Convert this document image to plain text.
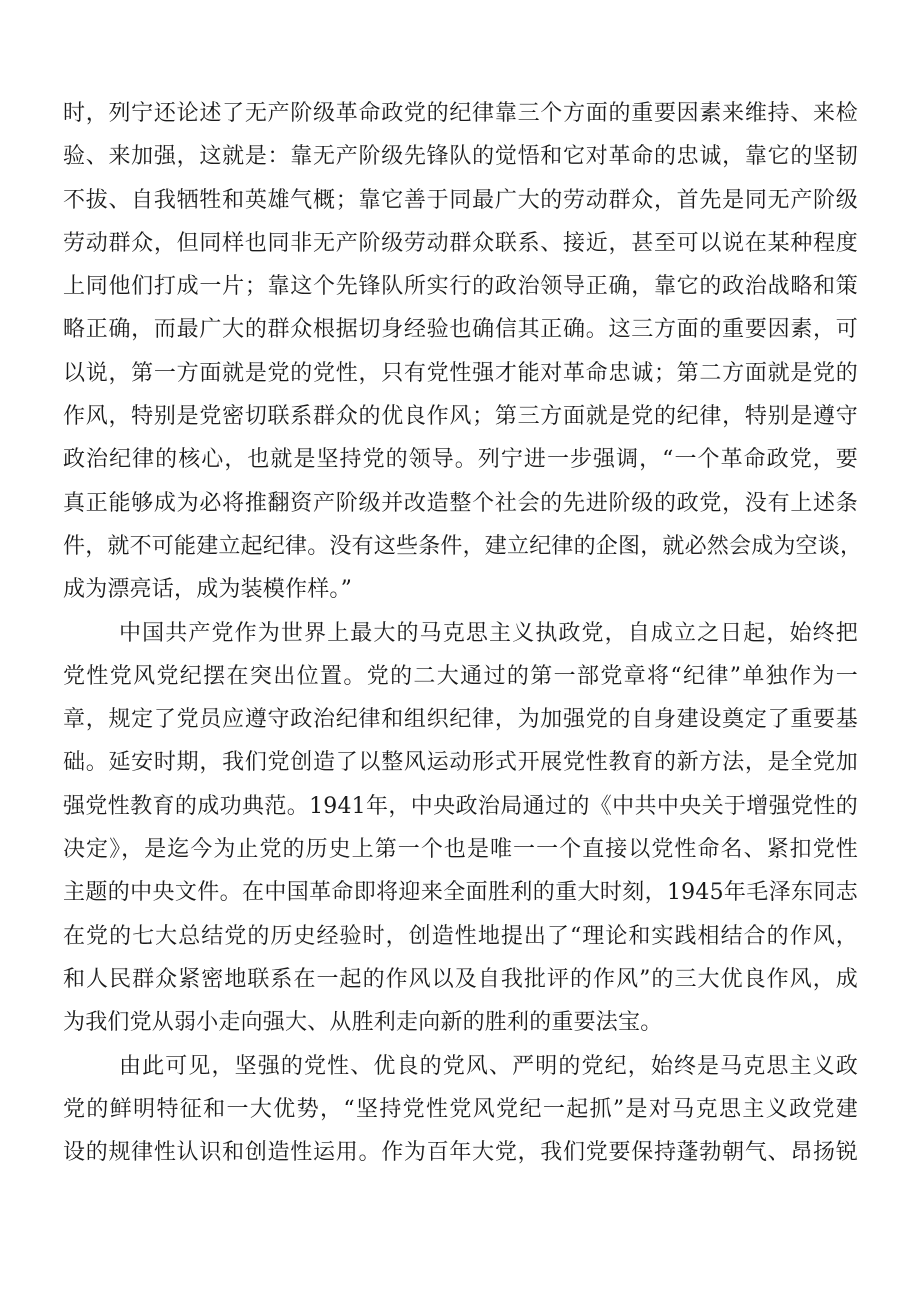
时，列宁还论述了无产阶级革命政党的纪律靠三个方面的重要因素来维持、来检
验、来加强，这就是：靠无产阶级先锋队的觉悟和它对革命的忠诚，靠它的坚韧
不拔、自我牺牲和英雄气概；靠它善于同最广大的劳动群众，首先是同无产阶级
劳动群众，但同样也同非无产阶级劳动群众联系、接近，甚至可以说在某种程度
上同他们打成一片；靠这个先锋队所实行的政治领导正确，靠它的政治战略和策
略正确，而最广大的群众根据切身经验也确信其正确。这三方面的重要因素，可
以说，第一方面就是党的党性，只有党性强才能对革命忠诚；第二方面就是党的
作风，特别是党密切联系群众的优良作风；第三方面就是党的纪律，特别是遵守
政治纪律的核心，也就是坚持党的领导。列宁进一步强调，“一个革命政党，要
真正能够成为必将推翻资产阶级并改造整个社会的先进阶级的政党，没有上述条
件，就不可能建立起纪律。没有这些条件，建立纪律的企图，就必然会成为空谈，
成为漂亮话，成为装模作样。”
中国共产党作为世界上最大的马克思主义执政党，自成立之日起，始终把
党性党风党纪摆在突出位置。党的二大通过的第一部党章将“纪律”单独作为一
章，规定了党员应遵守政治纪律和组织纪律，为加强党的自身建设奠定了重要基
础。延安时期，我们党创造了以整风运动形式开展党性教育的新方法，是全党加
强党性教育的成功典范。1941年，中央政治局通过的《中共中央关于增强党性的
决定》，是迄今为止党的历史上第一个也是唯一一个直接以党性命名、紧扣党性
主题的中央文件。在中国革命即将迎来全面胜利的重大时刻，1945年毛泽东同志
在党的七大总结党的历史经验时，创造性地提出了“理论和实践相结合的作风，
和人民群众紧密地联系在一起的作风以及自我批评的作风”的三大优良作风，成
为我们党从弱小走向强大、从胜利走向新的胜利的重要法宝。
由此可见，坚强的党性、优良的党风、严明的党纪，始终是马克思主义政
党的鲜明特征和一大优势，“坚持党性党风党纪一起抓”是对马克思主义政党建
设的规律性认识和创造性运用。作为百年大党，我们党要保持蓬勃朝气、昂扬锐
